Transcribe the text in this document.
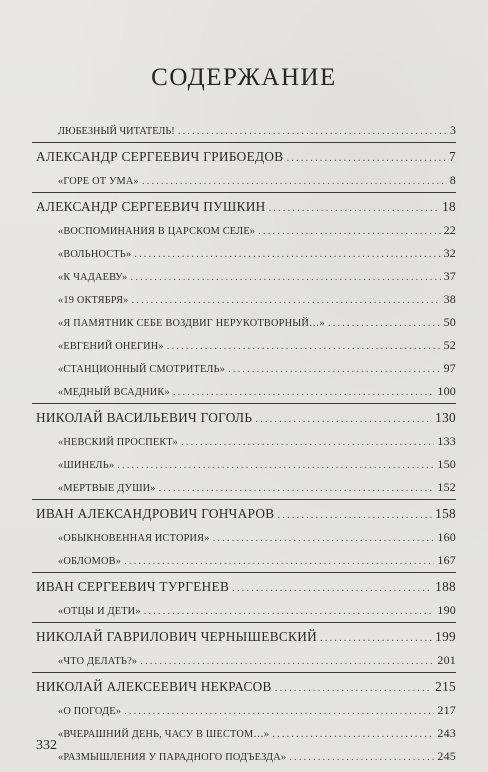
СОДЕРЖАНИЕ
ЛЮБЕЗНЫЙ ЧИТАТЕЛЬ! .....	3
АЛЕКСАНДР СЕРГЕЕВИЧ ГРИБОЕДОВ .....	7
«ГОРЕ ОТ УМА» .....	8
АЛЕКСАНДР СЕРГЕЕВИЧ ПУШКИН .....	18
«ВОСПОМИНАНИЯ В ЦАРСКОМ СЕЛЕ» .....	22
«ВОЛЬНОСТЬ» .....	32
«К ЧАДАЕВУ» .....	37
«19 ОКТЯБРЯ» .....	38
«Я ПАМЯТНИК СЕБЕ ВОЗДВИГ НЕРУКОТВОРНЫЙ…» .....	50
«ЕВГЕНИЙ ОНЕГИН» .....	52
«СТАНЦИОННЫЙ СМОТРИТЕЛЬ» .....	97
«МЕДНЫЙ ВСАДНИК» .....	100
НИКОЛАЙ ВАСИЛЬЕВИЧ ГОГОЛЬ .....	130
«НЕВСКИЙ ПРОСПЕКТ» .....	133
«ШИНЕЛЬ» .....	150
«МЕРТВЫЕ ДУШИ» .....	152
ИВАН АЛЕКСАНДРОВИЧ ГОНЧАРОВ .....	158
«ОБЫКНОВЕННАЯ ИСТОРИЯ» .....	160
«ОБЛОМОВ» .....	167
ИВАН СЕРГЕЕВИЧ ТУРГЕНЕВ .....	188
«ОТЦЫ И ДЕТИ» .....	190
НИКОЛАЙ ГАВРИЛОВИЧ ЧЕРНЫШЕВСКИЙ .....	199
«ЧТО ДЕЛАТЬ?» .....	201
НИКОЛАЙ АЛЕКСЕЕВИЧ НЕКРАСОВ .....	215
«О ПОГОДЕ» .....	217
«ВЧЕРАШНИЙ ДЕНЬ, ЧАСУ В ШЕСТОМ…» .....	243
«РАЗМЫШЛЕНИЯ У ПАРАДНОГО ПОДЪЕЗДА» .....	245
332
